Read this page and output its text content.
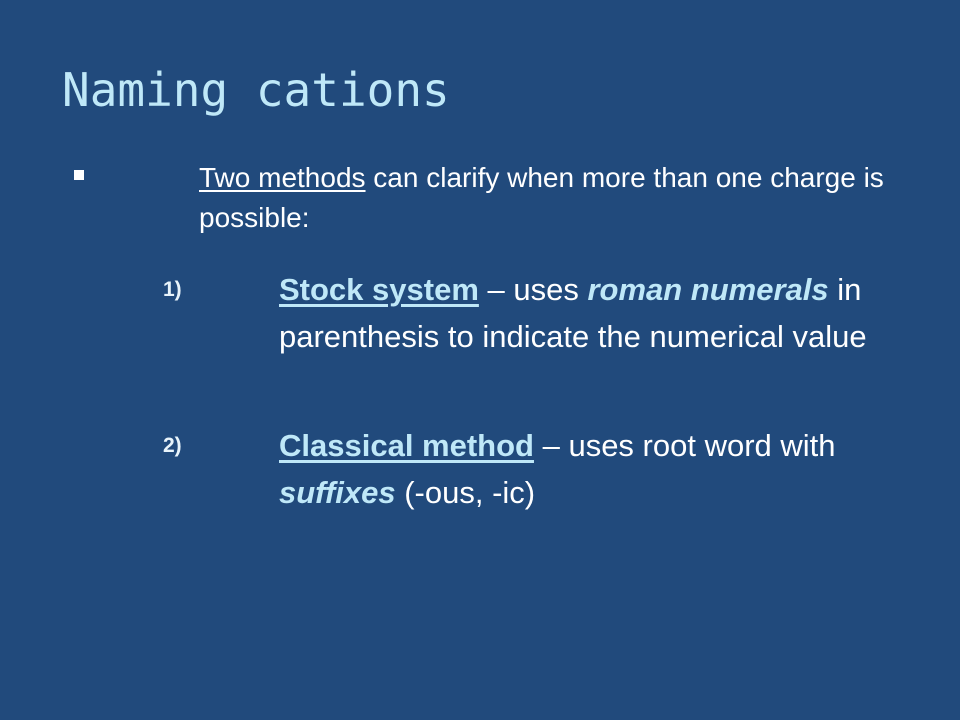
Naming cations
Two methods can clarify when more than one charge is possible:
1)	Stock system – uses roman numerals in parenthesis to indicate the numerical value
2)	Classical method – uses root word with suffixes (-ous, -ic)
